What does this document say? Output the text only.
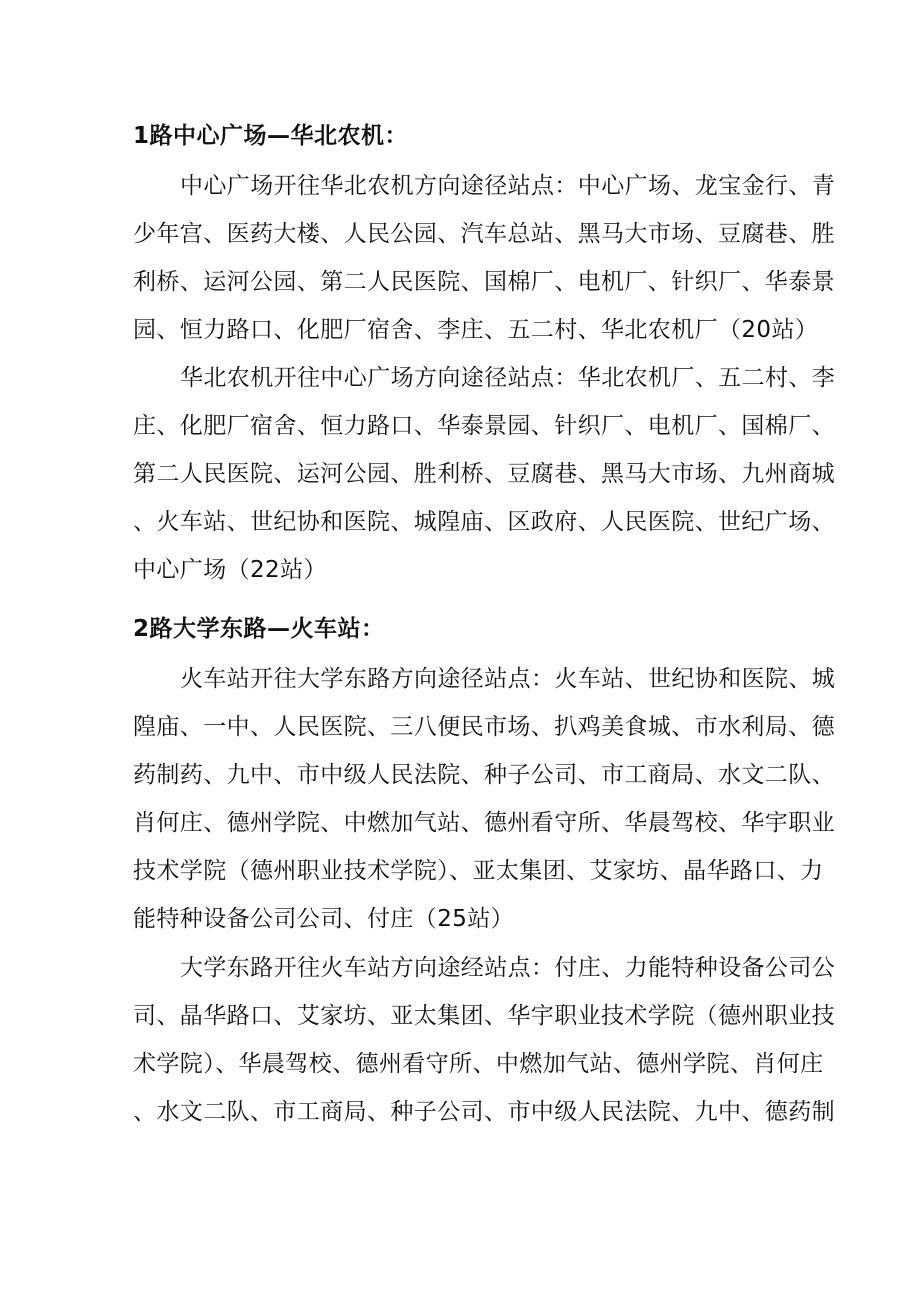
1路中心广场—华北农机：
中心广场开往华北农机方向途径站点：中心广场、龙宝金行、青
少年宫、医药大楼、人民公园、汽车总站、黑马大市场、豆腐巷、胜
利桥、运河公园、第二人民医院、国棉厂、电机厂、针织厂、华泰景
园、恒力路口、化肥厂宿舍、李庄、五二村、华北农机厂（20站）
华北农机开往中心广场方向途径站点：华北农机厂、五二村、李
庄、化肥厂宿舍、恒力路口、华泰景园、针织厂、电机厂、国棉厂、
第二人民医院、运河公园、胜利桥、豆腐巷、黑马大市场、九州商城
、火车站、世纪协和医院、城隍庙、区政府、人民医院、世纪广场、
中心广场（22站）
2路大学东路—火车站：
火车站开往大学东路方向途径站点：火车站、世纪协和医院、城
隍庙、一中、人民医院、三八便民市场、扒鸡美食城、市水利局、德
药制药、九中、市中级人民法院、种子公司、市工商局、水文二队、
肖何庄、德州学院、中燃加气站、德州看守所、华晨驾校、华宇职业
技术学院（德州职业技术学院）、亚太集团、艾家坊、晶华路口、力
能特种设备公司公司、付庄（25站）
大学东路开往火车站方向途经站点：付庄、力能特种设备公司公
司、晶华路口、艾家坊、亚太集团、华宇职业技术学院（德州职业技
术学院）、华晨驾校、德州看守所、中燃加气站、德州学院、肖何庄
、水文二队、市工商局、种子公司、市中级人民法院、九中、德药制
